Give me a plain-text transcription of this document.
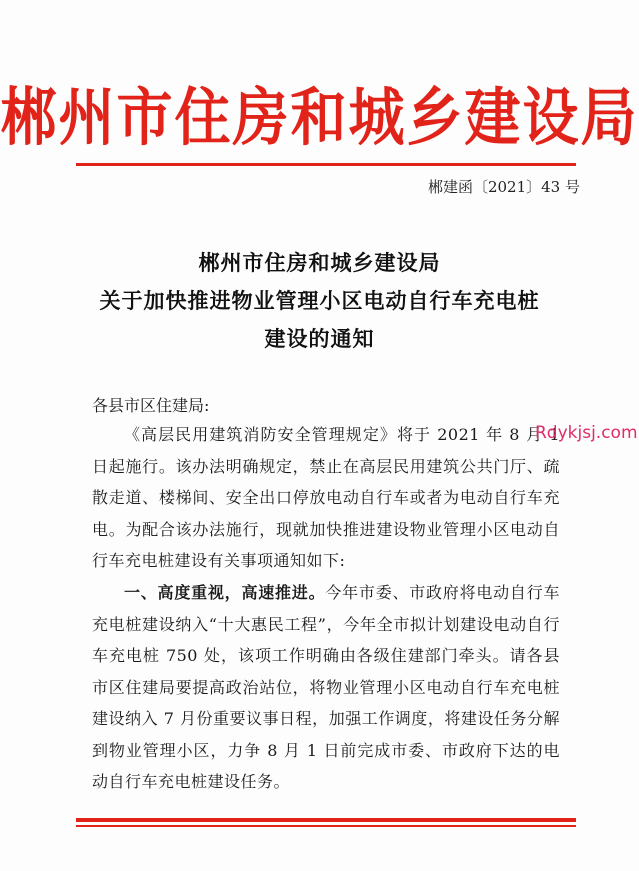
郴州市住房和城乡建设局
郴建函〔2021〕43 号
郴州市住房和城乡建设局
关于加快推进物业管理小区电动自行车充电桩
建设的通知
各县市区住建局:
《高层民用建筑消防安全管理规定》将于 2021 年 8 月 1 日起施行。该办法明确规定，禁止在高层民用建筑公共门厅、疏散走道、楼梯间、安全出口停放电动自行车或者为电动自行车充电。为配合该办法施行，现就加快推进建设物业管理小区电动自行车充电桩建设有关事项通知如下:
一、高度重视，高速推进。今年市委、市政府将电动自行车充电桩建设纳入“十大惠民工程”，今年全市拟计划建设电动自行车充电桩 750 处，该项工作明确由各级住建部门牵头。请各县市区住建局要提高政治站位，将物业管理小区电动自行车充电桩建设纳入 7 月份重要议事日程，加强工作调度，将建设任务分解到物业管理小区，力争 8 月 1 日前完成市委、市政府下达的电动自行车充电桩建设任务。
Rdykjsj.com
